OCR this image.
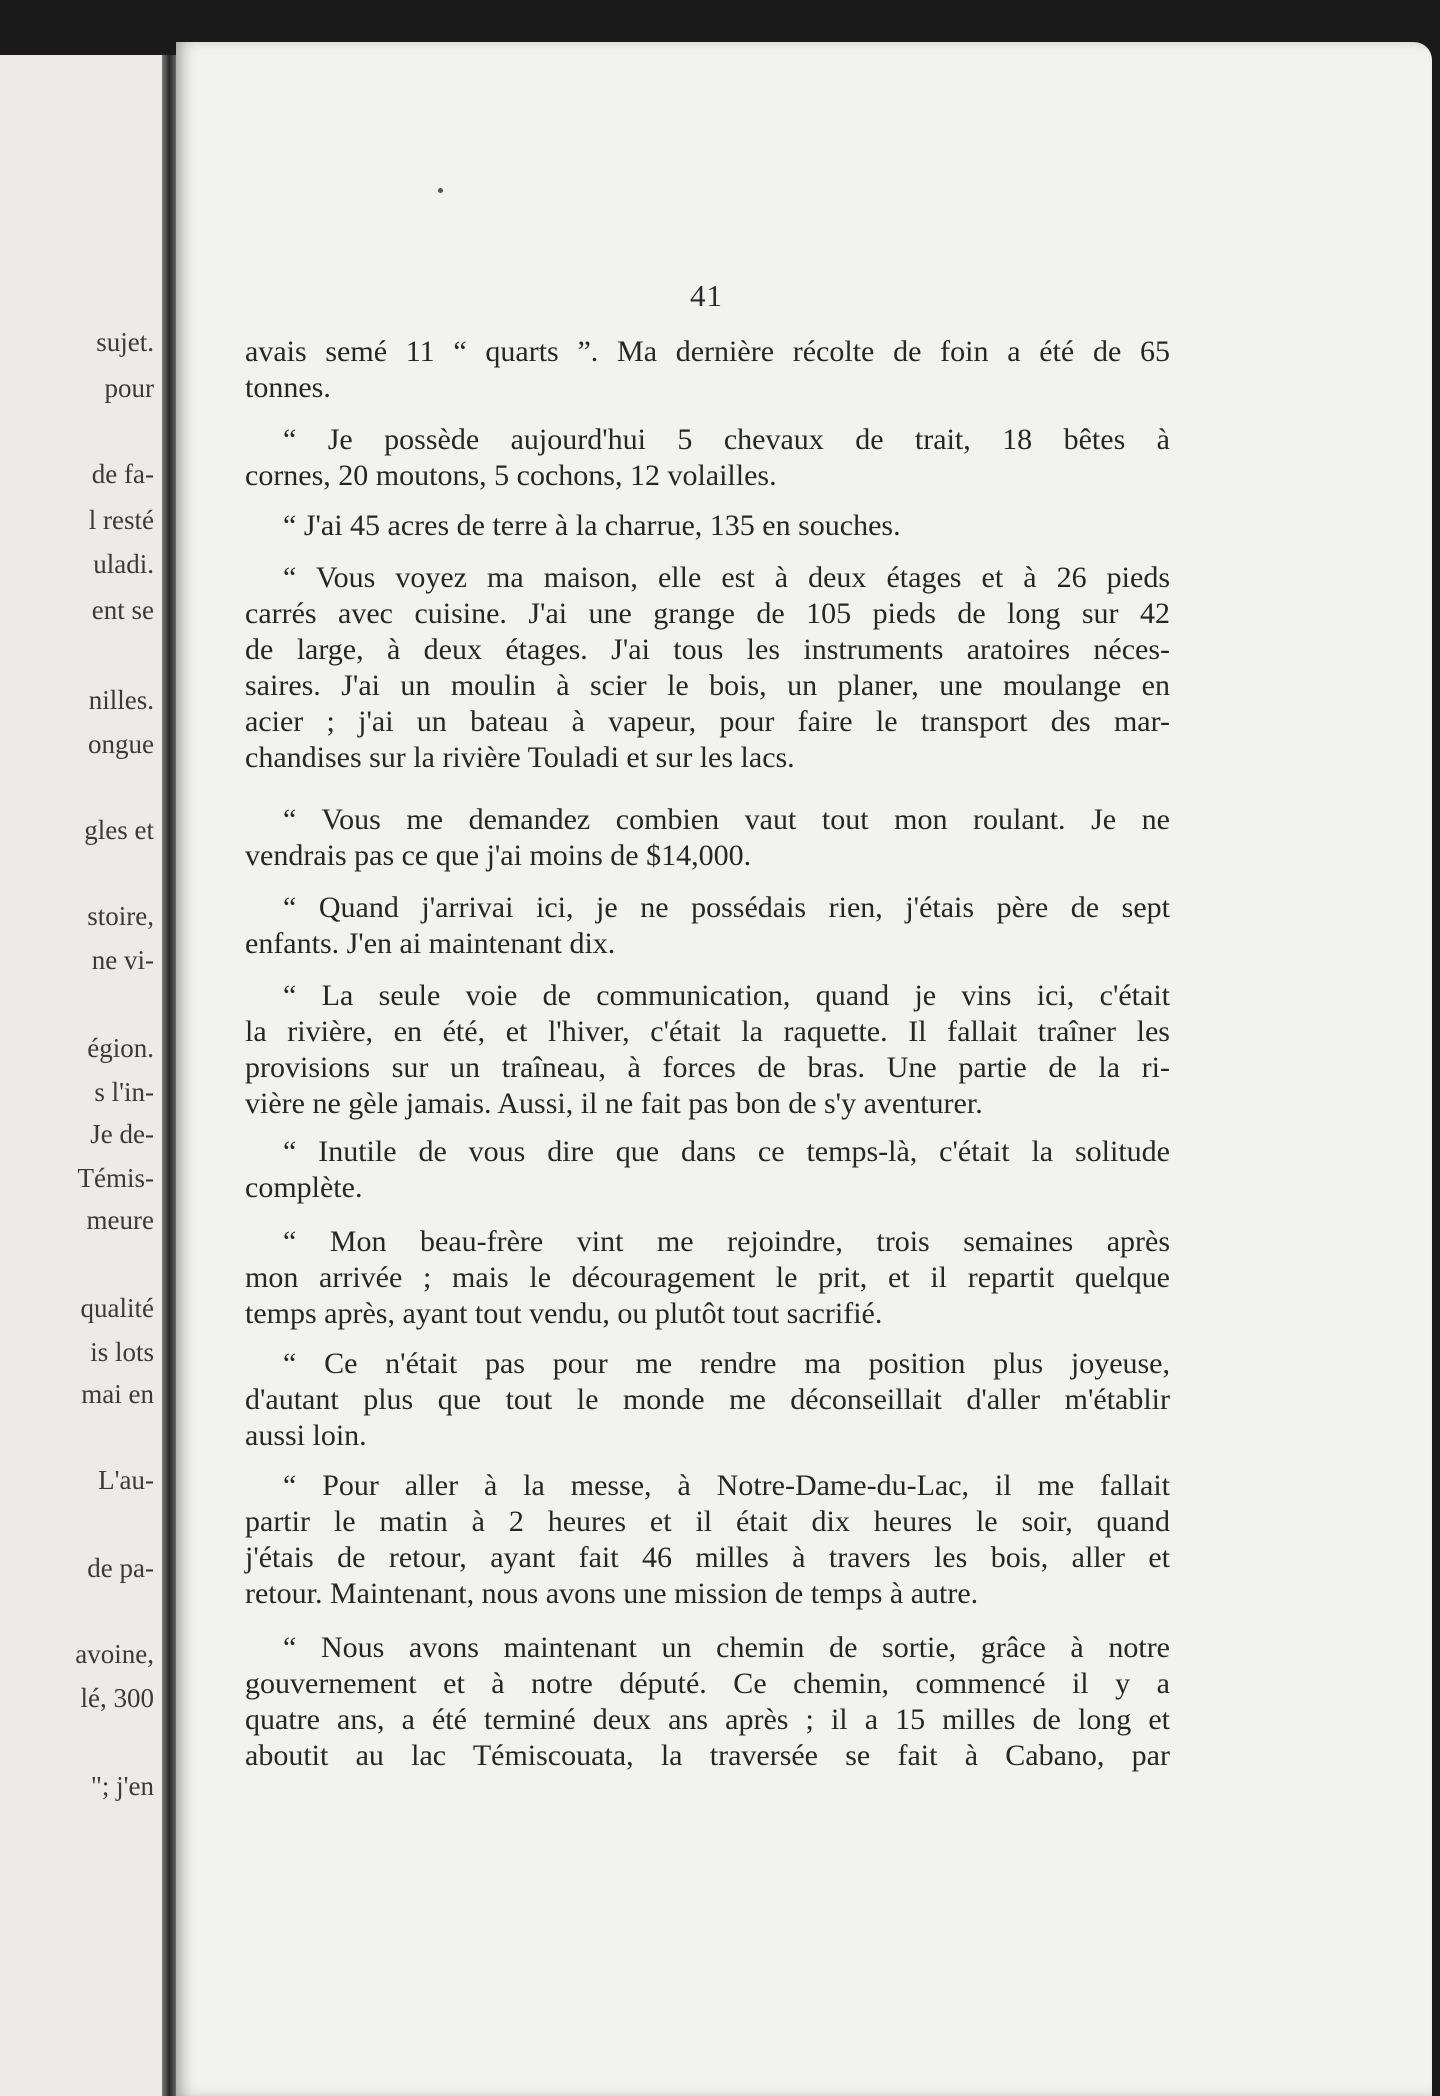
sujet.
pour
de fa-
l resté
uladi.
ent se
nilles.
ongue
gles et
stoire,
ne vi-
égion.
s l'in-
Je de-
Témis-
meure
qualité
is lots
mai en
L'au-
de pa-
avoine,
lé, 300
"; j'en
41
avais semé 11 “ quarts ”. Ma dernière récolte de foin a été de 65
tonnes.
“ Je possède aujourd'hui 5 chevaux de trait, 18 bêtes à
cornes, 20 moutons, 5 cochons, 12 volailles.
“ J'ai 45 acres de terre à la charrue, 135 en souches.
“ Vous voyez ma maison, elle est à deux étages et à 26 pieds
carrés avec cuisine. J'ai une grange de 105 pieds de long sur 42
de large, à deux étages. J'ai tous les instruments aratoires néces-
saires. J'ai un moulin à scier le bois, un planer, une moulange en
acier ; j'ai un bateau à vapeur, pour faire le transport des mar-
chandises sur la rivière Touladi et sur les lacs.
“ Vous me demandez combien vaut tout mon roulant. Je ne
vendrais pas ce que j'ai moins de $14,000.
“ Quand j'arrivai ici, je ne possédais rien, j'étais père de sept
enfants. J'en ai maintenant dix.
“ La seule voie de communication, quand je vins ici, c'était
la rivière, en été, et l'hiver, c'était la raquette. Il fallait traîner les
provisions sur un traîneau, à forces de bras. Une partie de la ri-
vière ne gèle jamais. Aussi, il ne fait pas bon de s'y aventurer.
“ Inutile de vous dire que dans ce temps-là, c'était la solitude
complète.
“ Mon beau-frère vint me rejoindre, trois semaines après
mon arrivée ; mais le découragement le prit, et il repartit quelque
temps après, ayant tout vendu, ou plutôt tout sacrifié.
“ Ce n'était pas pour me rendre ma position plus joyeuse,
d'autant plus que tout le monde me déconseillait d'aller m'établir
aussi loin.
“ Pour aller à la messe, à Notre-Dame-du-Lac, il me fallait
partir le matin à 2 heures et il était dix heures le soir, quand
j'étais de retour, ayant fait 46 milles à travers les bois, aller et
retour. Maintenant, nous avons une mission de temps à autre.
“ Nous avons maintenant un chemin de sortie, grâce à notre
gouvernement et à notre député. Ce chemin, commencé il y a
quatre ans, a été terminé deux ans après ; il a 15 milles de long et
aboutit au lac Témiscouata, la traversée se fait à Cabano, par
